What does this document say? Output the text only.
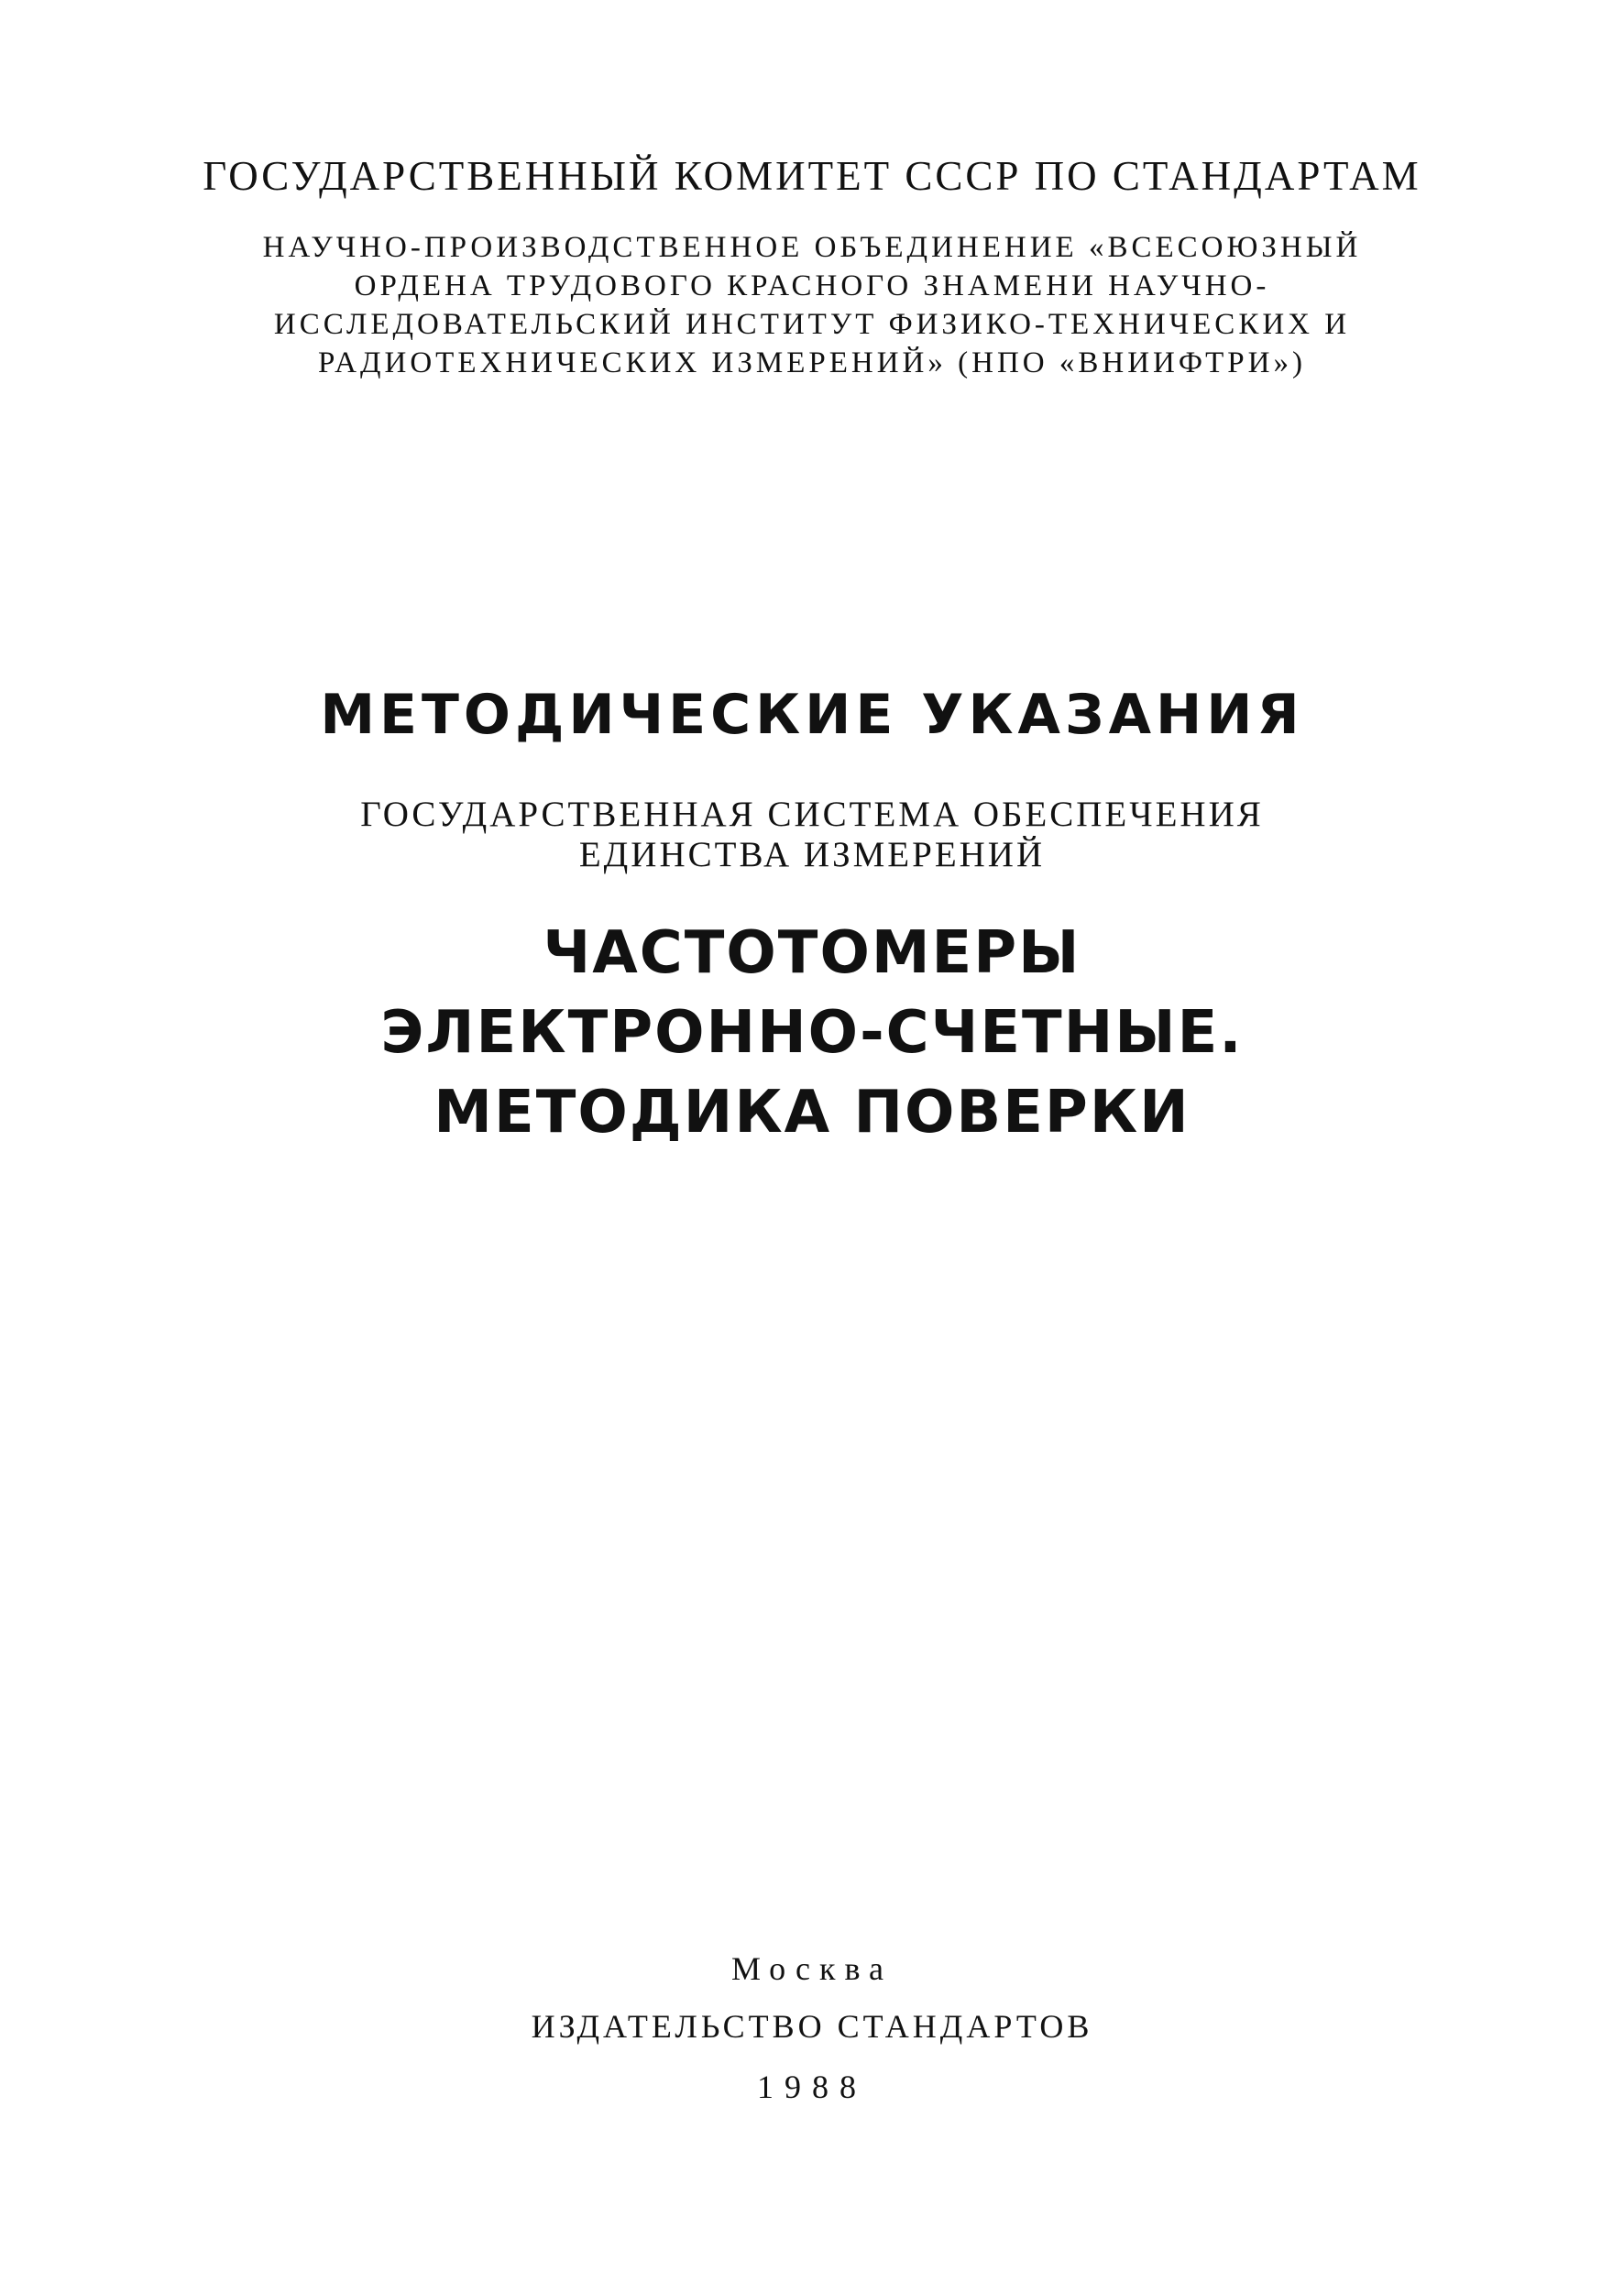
ГОСУДАРСТВЕННЫЙ КОМИТЕТ СССР ПО СТАНДАРТАМ
НАУЧНО-ПРОИЗВОДСТВЕННОЕ ОБЪЕДИНЕНИЕ «ВСЕСОЮЗНЫЙ
ОРДЕНА ТРУДОВОГО КРАСНОГО ЗНАМЕНИ НАУЧНО-
ИССЛЕДОВАТЕЛЬСКИЙ ИНСТИТУТ ФИЗИКО-ТЕХНИЧЕСКИХ И
РАДИОТЕХНИЧЕСКИХ ИЗМЕРЕНИЙ» (НПО «ВНИИФТРИ»)
МЕТОДИЧЕСКИЕ УКАЗАНИЯ
ГОСУДАРСТВЕННАЯ СИСТЕМА ОБЕСПЕЧЕНИЯ
ЕДИНСТВА ИЗМЕРЕНИЙ
ЧАСТОТОМЕРЫ
ЭЛЕКТРОННО-СЧЕТНЫЕ.
МЕТОДИКА ПОВЕРКИ
Москва
ИЗДАТЕЛЬСТВО СТАНДАРТОВ
1988
